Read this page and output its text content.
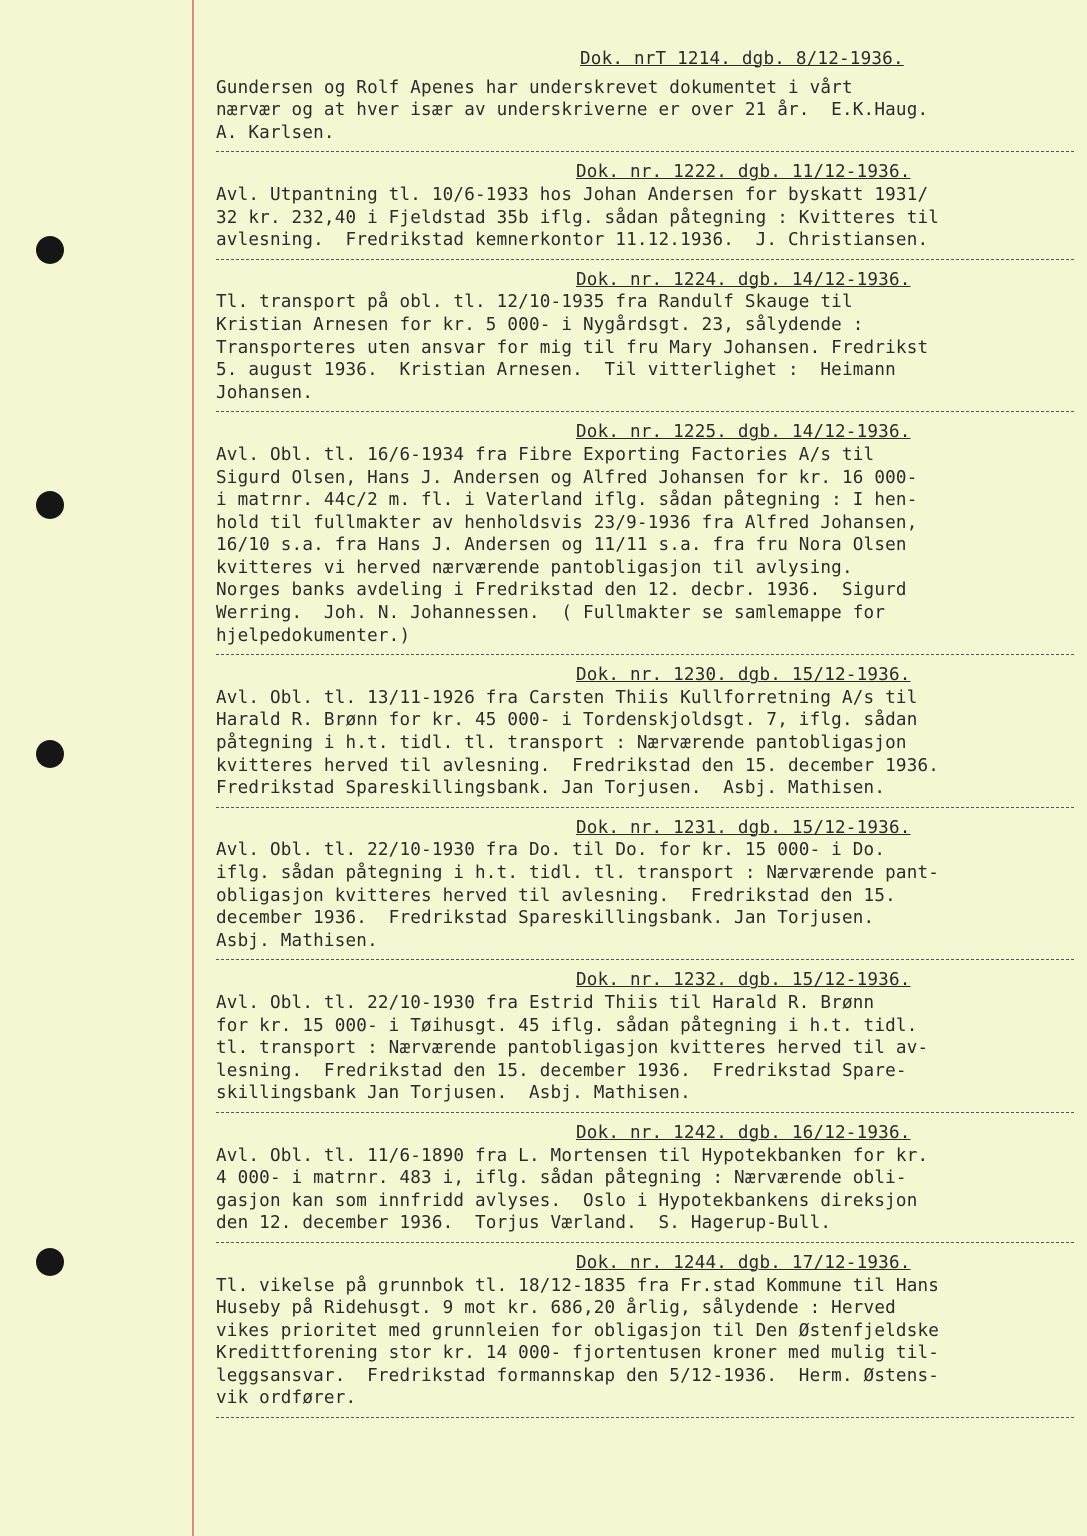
Dok. nrT 1214. dgb. 8/12-1936.
Gundersen og Rolf Apenes har underskrevet dokumentet i vårt
nærvær og at hver især av underskriverne er over 21 år.  E.K.Haug.
A. Karlsen.
Dok. nr. 1222. dgb. 11/12-1936.
Avl. Utpantning tl. 10/6-1933 hos Johan Andersen for byskatt 1931/
32 kr. 232,40 i Fjeldstad 35b iflg. sådan påtegning : Kvitteres til
avlesning.  Fredrikstad kemnerkontor 11.12.1936.  J. Christiansen.
Dok. nr. 1224. dgb. 14/12-1936.
Tl. transport på obl. tl. 12/10-1935 fra Randulf Skauge til
Kristian Arnesen for kr. 5 000- i Nygårdsgt. 23, sålydende :
Transporteres uten ansvar for mig til fru Mary Johansen. Fredrikst
5. august 1936.  Kristian Arnesen.  Til vitterlighet :  Heimann
Johansen.
Dok. nr. 1225. dgb. 14/12-1936.
Avl. Obl. tl. 16/6-1934 fra Fibre Exporting Factories A/s til
Sigurd Olsen, Hans J. Andersen og Alfred Johansen for kr. 16 000-
i matrnr. 44c/2 m. fl. i Vaterland iflg. sådan påtegning : I hen-
hold til fullmakter av henholdsvis 23/9-1936 fra Alfred Johansen,
16/10 s.a. fra Hans J. Andersen og 11/11 s.a. fra fru Nora Olsen
kvitteres vi herved nærværende pantobligasjon til avlysing.
Norges banks avdeling i Fredrikstad den 12. decbr. 1936.  Sigurd
Werring.  Joh. N. Johannessen.  ( Fullmakter se samlemappe for
hjelpedokumenter.)
Dok. nr. 1230. dgb. 15/12-1936.
Avl. Obl. tl. 13/11-1926 fra Carsten Thiis Kullforretning A/s til
Harald R. Brønn for kr. 45 000- i Tordenskjoldsgt. 7, iflg. sådan
påtegning i h.t. tidl. tl. transport : Nærværende pantobligasjon
kvitteres herved til avlesning.  Fredrikstad den 15. december 1936.
Fredrikstad Spareskillingsbank. Jan Torjusen.  Asbj. Mathisen.
Dok. nr. 1231. dgb. 15/12-1936.
Avl. Obl. tl. 22/10-1930 fra Do. til Do. for kr. 15 000- i Do.
iflg. sådan påtegning i h.t. tidl. tl. transport : Nærværende pant-
obligasjon kvitteres herved til avlesning.  Fredrikstad den 15.
december 1936.  Fredrikstad Spareskillingsbank. Jan Torjusen.
Asbj. Mathisen.
Dok. nr. 1232. dgb. 15/12-1936.
Avl. Obl. tl. 22/10-1930 fra Estrid Thiis til Harald R. Brønn
for kr. 15 000- i Tøihusgt. 45 iflg. sådan påtegning i h.t. tidl.
tl. transport : Nærværende pantobligasjon kvitteres herved til av-
lesning.  Fredrikstad den 15. december 1936.  Fredrikstad Spare-
skillingsbank Jan Torjusen.  Asbj. Mathisen.
Dok. nr. 1242. dgb. 16/12-1936.
Avl. Obl. tl. 11/6-1890 fra L. Mortensen til Hypotekbanken for kr.
4 000- i matrnr. 483 i, iflg. sådan påtegning : Nærværende obli-
gasjon kan som innfridd avlyses.  Oslo i Hypotekbankens direksjon
den 12. december 1936.  Torjus Værland.  S. Hagerup-Bull.
Dok. nr. 1244. dgb. 17/12-1936.
Tl. vikelse på grunnbok tl. 18/12-1835 fra Fr.stad Kommune til Hans
Huseby på Ridehusgt. 9 mot kr. 686,20 årlig, sålydende : Herved
vikes prioritet med grunnleien for obligasjon til Den Østenfjeldske
Kredittforening stor kr. 14 000- fjortentusen kroner med mulig til-
leggsansvar.  Fredrikstad formannskap den 5/12-1936.  Herm. Østens-
vik ordfører.
